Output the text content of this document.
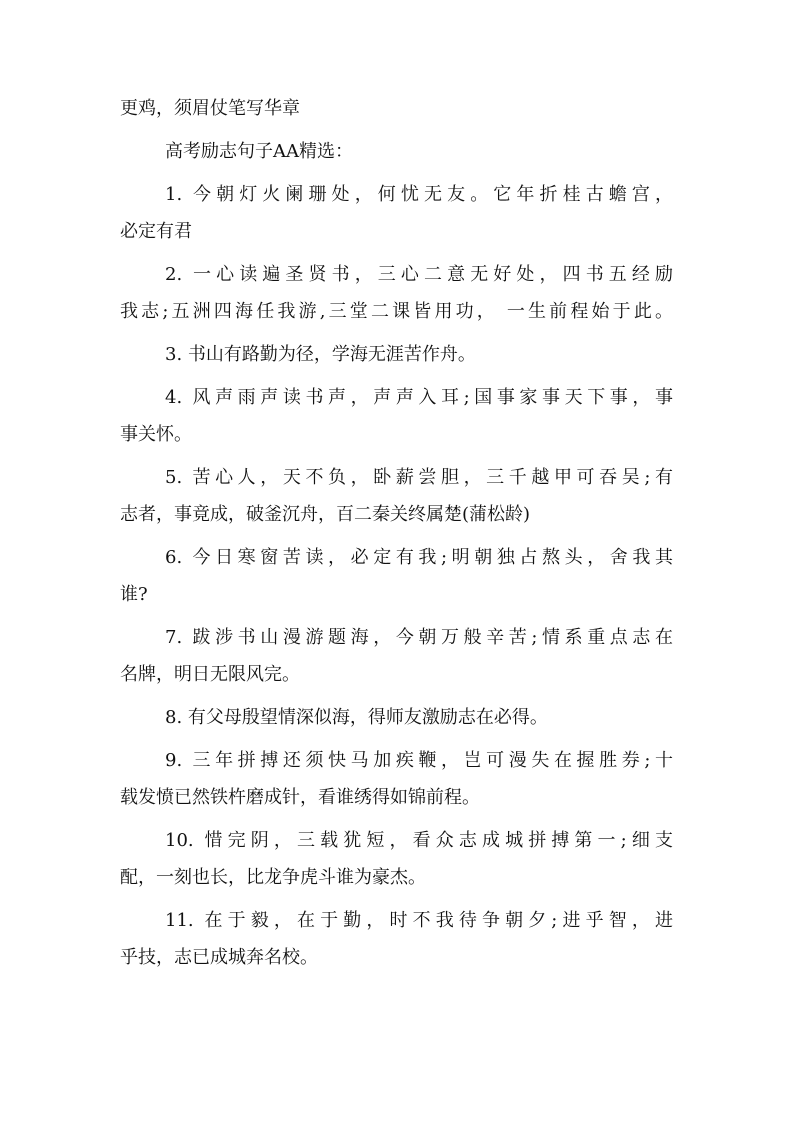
更鸡，须眉仗笔写华章

高考励志句子AA精选：

1. 今朝灯火阑珊处，何忧无友。它年折桂古蟾宫，

必定有君

2. 一心读遍圣贤书，三心二意无好处，四书五经励

我志;五洲四海任我游,三堂二课皆用功， 一生前程始于此。

3. 书山有路勤为径，学海无涯苦作舟。

4. 风声雨声读书声，声声入耳;国事家事天下事，事

事关怀。

5. 苦心人，天不负，卧薪尝胆，三千越甲可吞吴;有

志者，事竟成，破釜沉舟，百二秦关终属楚(蒲松龄)

6. 今日寒窗苦读，必定有我;明朝独占熬头，舍我其

谁?

7. 跋涉书山漫游题海，今朝万般辛苦;情系重点志在

名牌，明日无限风完。

8. 有父母殷望情深似海，得师友激励志在必得。

9. 三年拼搏还须快马加疾鞭，岂可漫失在握胜券;十

载发愤已然铁杵磨成针，看谁绣得如锦前程。

10. 惜完阴，三载犹短，看众志成城拼搏第一;细支

配，一刻也长，比龙争虎斗谁为豪杰。

11. 在于毅，在于勤，时不我待争朝夕;进乎智，进

乎技，志已成城奔名校。
